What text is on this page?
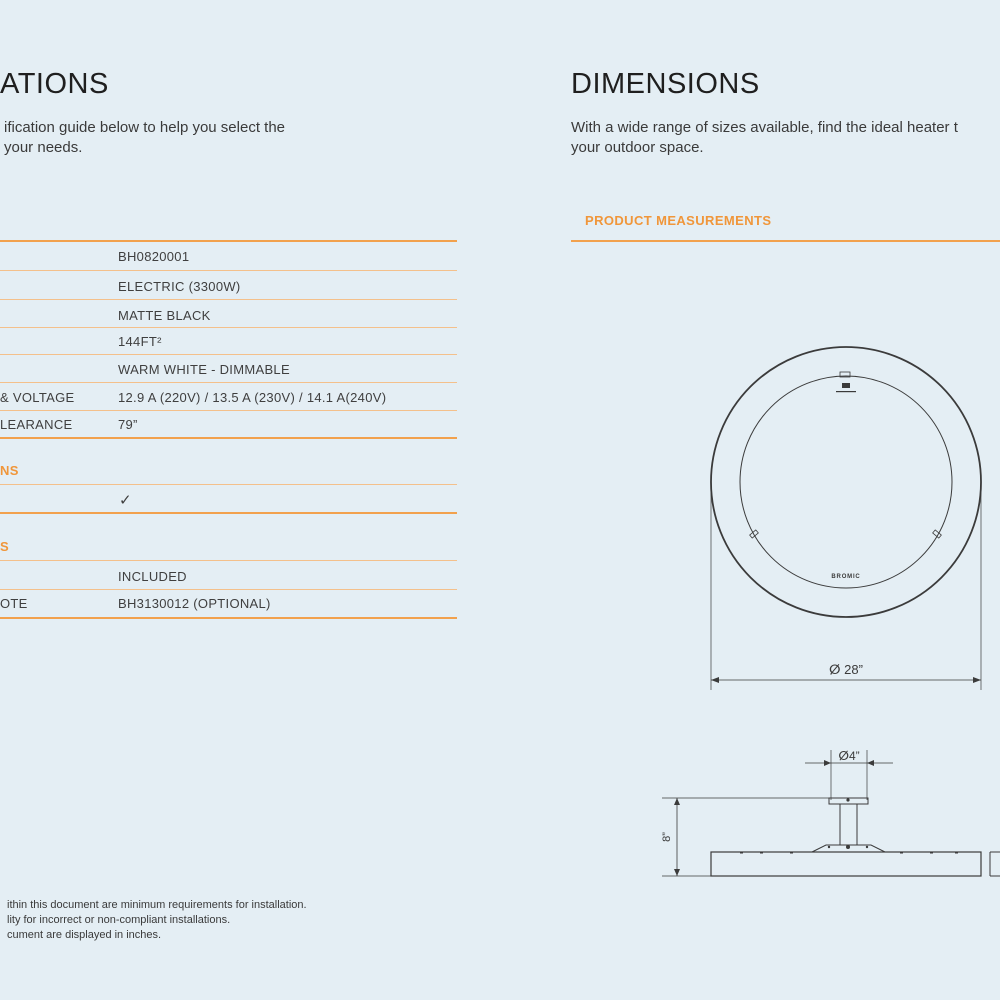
ATIONS
ification guide below to help you select the
your needs.
BH0820001
ELECTRIC (3300W)
MATTE BLACK
144FT²
WARM WHITE - DIMMABLE
& VOLTAGE	12.9 A (220V) / 13.5 A (230V) / 14.1 A(240V)
LEARANCE	79”
NS
✓
S
INCLUDED
OTE	BH3130012 (OPTIONAL)
ithin this document are minimum requirements for installation.
lity for incorrect or non-compliant installations.
cument are displayed in inches.
DIMENSIONS
With a wide range of sizes available, find the ideal heater t
your outdoor space.
PRODUCT MEASUREMENTS
BROMIC
ⵁ 28”
ⵁ4”
8”
